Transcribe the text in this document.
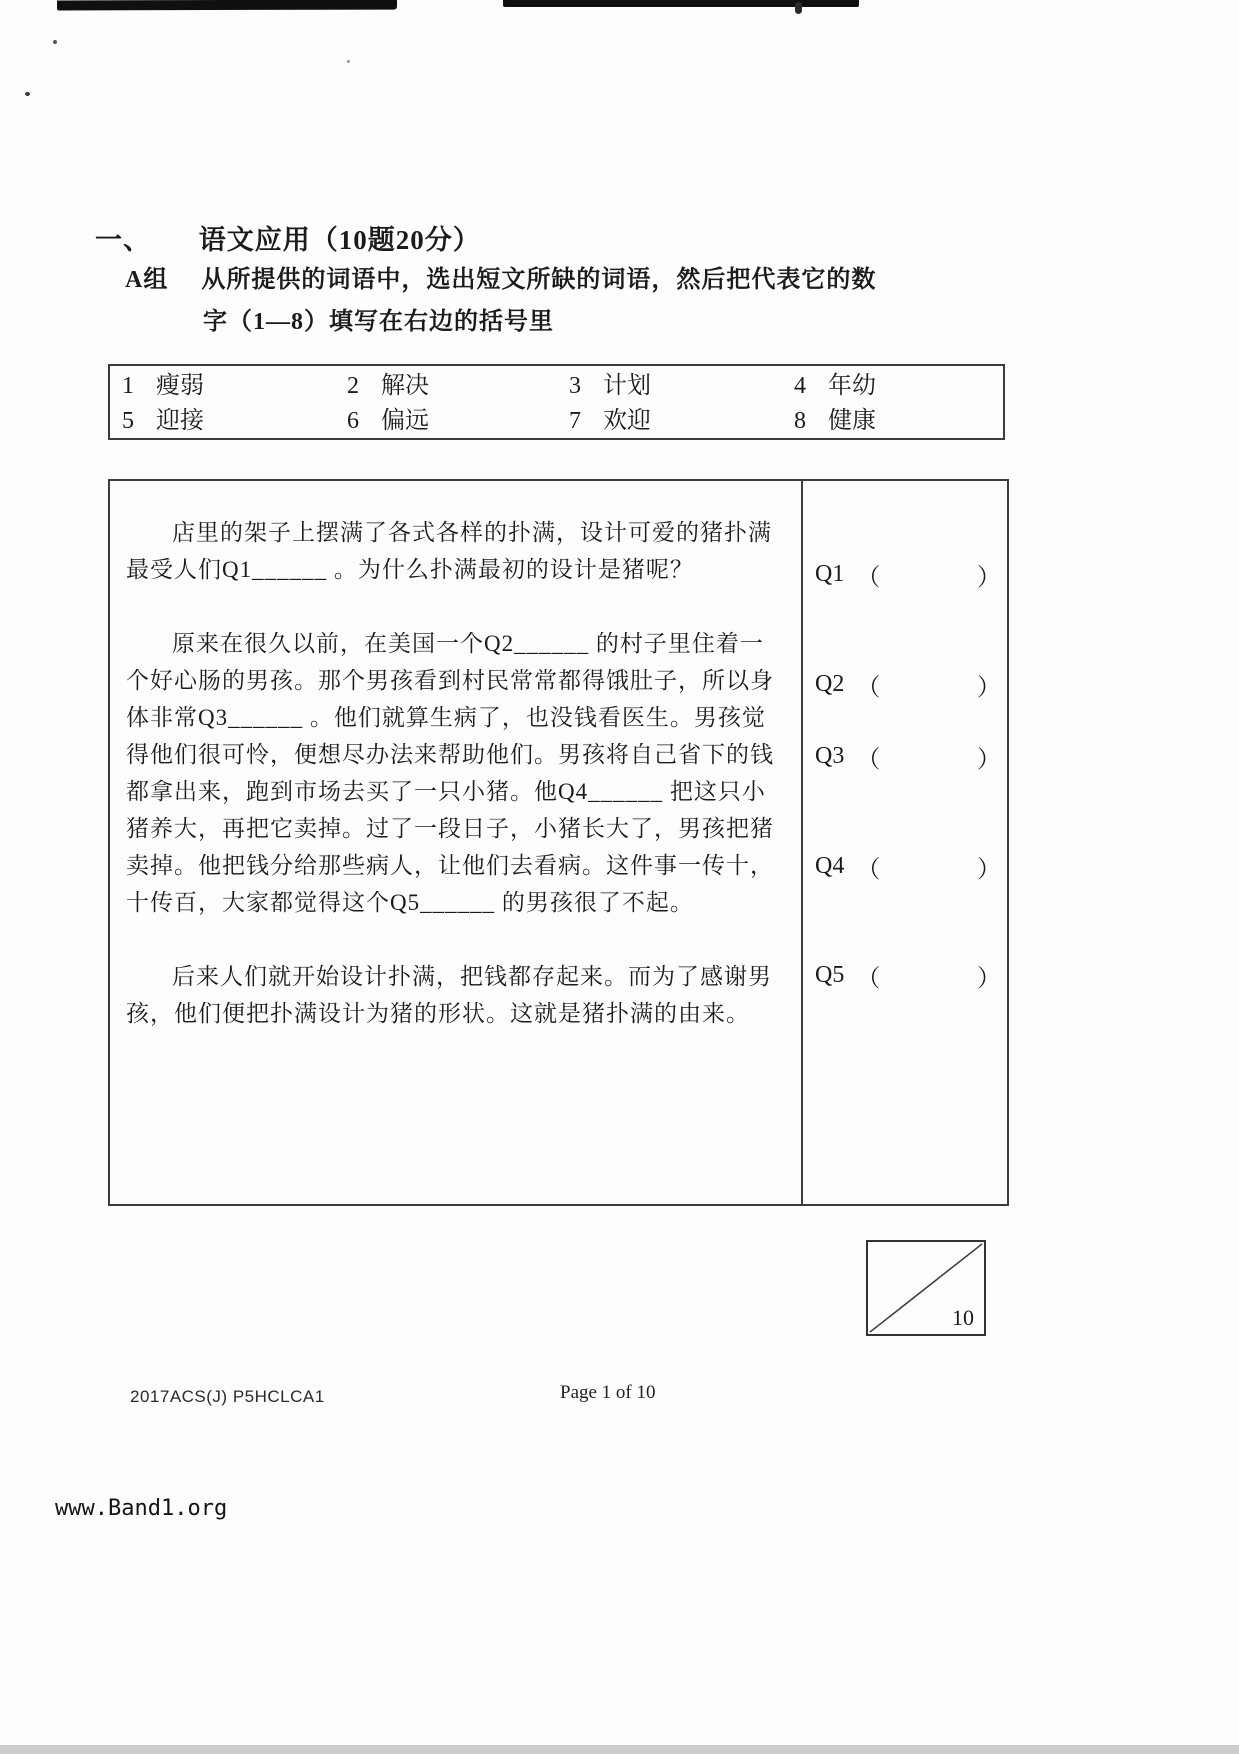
一、 语文应用（10题20分）
A组 从所提供的词语中，选出短文所缺的词语，然后把代表它的数
字（1—8）填写在右边的括号里
1 瘦弱	2 解决	3 计划	4 年幼
5 迎接	6 偏远	7 欢迎	8 健康

店里的架子上摆满了各式各样的扑满，设计可爱的猪扑满最受人们Q1______ 。为什么扑满最初的设计是猪呢？

原来在很久以前，在美国一个Q2______ 的村子里住着一个好心肠的男孩。那个男孩看到村民常常都得饿肚子，所以身体非常Q3______ 。他们就算生病了，也没钱看医生。男孩觉得他们很可怜，便想尽办法来帮助他们。男孩将自己省下的钱都拿出来，跑到市场去买了一只小猪。他Q4______ 把这只小猪养大，再把它卖掉。过了一段日子，小猪长大了，男孩把猪卖掉。他把钱分给那些病人，让他们去看病。这件事一传十，十传百，大家都觉得这个Q5______ 的男孩很了不起。

后来人们就开始设计扑满，把钱都存起来。而为了感谢男孩，他们便把扑满设计为猪的形状。这就是猪扑满的由来。

Q1 （	）
Q2 （	）
Q3 （	）
Q4 （	）
Q5 （	）
10
2017ACS(J) P5HCLCA1	Page 1 of 10
www.Band1.org
